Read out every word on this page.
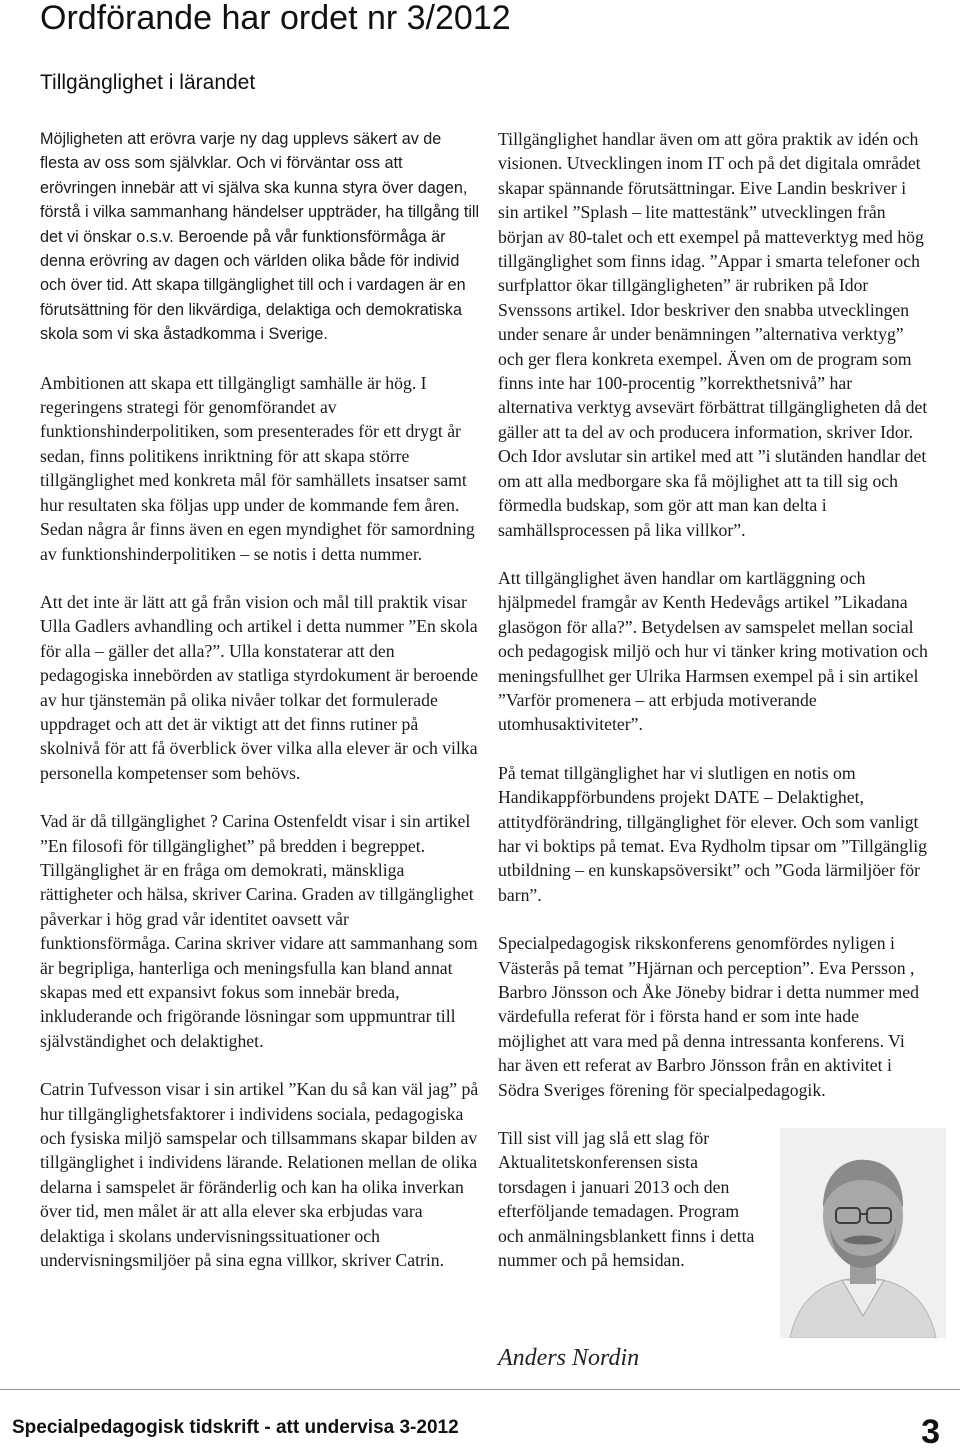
Ordförande har ordet nr 3/2012
Tillgänglighet i lärandet

Möjligheten att erövra varje ny dag upplevs säkert av de flesta av oss som självklar. Och vi förväntar oss att erövringen innebär att vi själva ska kunna styra över dagen, förstå i vilka sammanhang händelser uppträder, ha tillgång till det vi önskar o.s.v. Beroende på vår funktionsförmåga är denna erövring av dagen och världen olika både för individ och över tid. Att skapa tillgänglighet till och i vardagen är en förutsättning för den likvärdiga, delaktiga och demokratiska skola som vi ska åstadkomma i Sverige.

Ambitionen att skapa ett tillgängligt samhälle är hög. I regeringens strategi för genomförandet av funktionshinderpolitiken, som presenterades för ett drygt år sedan, finns politikens inriktning för att skapa större tillgänglighet med konkreta mål för samhällets insatser samt hur resultaten ska följas upp under de kommande fem åren. Sedan några år finns även en egen myndighet för samordning av funktionshinderpolitiken – se notis i detta nummer.

Att det inte är lätt att gå från vision och mål till praktik visar Ulla Gadlers avhandling och artikel i detta nummer ”En skola för alla – gäller det alla?”. Ulla konstaterar att den pedagogiska innebörden av statliga styrdokument är beroende av hur tjänstemän på olika nivåer tolkar det formulerade uppdraget och att det är viktigt att det finns rutiner på skolnivå för att få överblick över vilka alla elever är och vilka personella kompetenser som behövs.

Vad är då tillgänglighet ? Carina Ostenfeldt visar i sin artikel ”En filosofi för tillgänglighet” på bredden i begreppet. Tillgänglighet är en fråga om demokrati, mänskliga rättigheter och hälsa, skriver Carina. Graden av tillgänglighet påverkar i hög grad vår identitet oavsett vår funktionsförmåga. Carina skriver vidare att sammanhang som är begripliga, hanterliga och meningsfulla kan bland annat skapas med ett expansivt fokus som innebär breda, inkluderande och frigörande lösningar som uppmuntrar till självständighet och delaktighet.

Catrin Tufvesson visar i sin artikel ”Kan du så kan väl jag” på hur tillgänglighetsfaktorer i individens sociala, pedagogiska och fysiska miljö samspelar och tillsammans skapar bilden av tillgänglighet i individens lärande. Relationen mellan de olika delarna i samspelet är föränderlig och kan ha olika inverkan över tid, men målet är att alla elever ska erbjudas vara delaktiga i skolans undervisningssituationer och undervisningsmiljöer på sina egna villkor, skriver Catrin.

Tillgänglighet handlar även om att göra praktik av idén och visionen. Utvecklingen inom IT och på det digitala området skapar spännande förutsättningar. Eive Landin beskriver i sin artikel ”Splash – lite mattestänk” utvecklingen från början av 80-talet och ett exempel på matteverktyg med hög tillgänglighet som finns idag. ”Appar i smarta telefoner och surfplattor ökar tillgängligheten” är rubriken på Idor Svenssons artikel. Idor beskriver den snabba utvecklingen under senare år under benämningen ”alternativa verktyg” och ger flera konkreta exempel. Även om de program som finns inte har 100-procentig ”korrekthetsnivå” har alternativa verktyg avsevärt förbättrat tillgängligheten då det gäller att ta del av och producera information, skriver Idor. Och Idor avslutar sin artikel med att ”i slutänden handlar det om att alla medborgare ska få möjlighet att ta till sig och förmedla budskap, som gör att man kan delta i samhällsprocessen på lika villkor”.

Att tillgänglighet även handlar om kartläggning och hjälpmedel framgår av Kenth Hedevågs artikel ”Likadana glasögon för alla?”. Betydelsen av samspelet mellan social och pedagogisk miljö och hur vi tänker kring motivation och meningsfullhet ger Ulrika Harmsen exempel på i sin artikel ”Varför promenera – att erbjuda motiverande utomhusaktiviteter”.

På temat tillgänglighet har vi slutligen en notis om Handikappförbundens projekt DATE – Delaktighet, attitydförändring, tillgänglighet för elever. Och som vanligt har vi boktips på temat. Eva Rydholm tipsar om ”Tillgänglig utbildning – en kunskapsöversikt” och ”Goda lärmiljöer för barn”.

Specialpedagogisk rikskonferens genomfördes nyligen i Västerås på temat ”Hjärnan och perception”. Eva Persson , Barbro Jönsson och Åke Jöneby bidrar i detta nummer med värdefulla referat för i första hand er som inte hade möjlighet att vara med på denna intressanta konferens. Vi har även ett referat av Barbro Jönsson från en aktivitet i Södra Sveriges förening för specialpedagogik.

Till sist vill jag slå ett slag för Aktualitetskonferensen sista torsdagen i januari 2013 och den efterföljande temadagen. Program och anmälningsblankett finns i detta nummer och på hemsidan.

Anders Nordin

Specialpedagogisk tidskrift - att undervisa 3-2012	3
